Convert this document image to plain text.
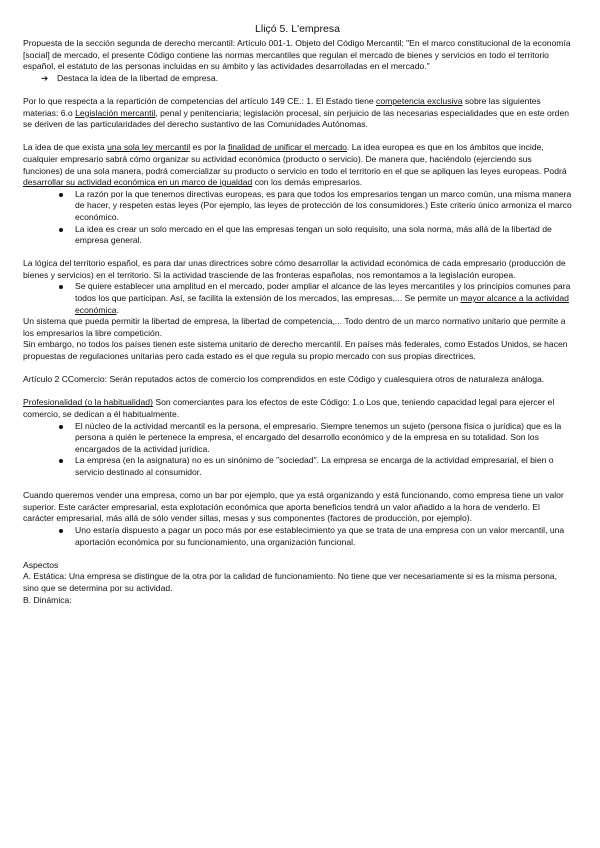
Lliçó 5. L'empresa

Propuesta de la sección segunda de derecho mercantil: Artículo 001-1. Objeto del Código Mercantil: "En el marco constitucional de la economía [social] de mercado, el presente Código contiene las normas mercantiles que regulan el mercado de bienes y servicios en todo el territorio español, el estatuto de las personas incluidas en su ámbito y las actividades desarrolladas en el mercado."

➔ Destaca la idea de la libertad de empresa.

Por lo que respecta a la repartición de competencias del artículo 149 CE.: 1. El Estado tiene competencia exclusiva sobre las siguientes materias: 6.o Legislación mercantil, penal y penitenciaria; legislación procesal, sin perjuicio de las necesarias especialidades que en este orden se deriven de las particularidades del derecho sustantivo de las Comunidades Autónomas.

La idea de que exista una sola ley mercantil es por la finalidad de unificar el mercado. La idea europea es que en los ámbitos que incide, cualquier empresario sabrá cómo organizar su actividad económica (producto o servicio). De manera que, haciéndolo (ejerciendo sus funciones) de una sola manera, podrá comercializar su producto o servicio en todo el territorio en el que se apliquen las leyes europeas. Podrá desarrollar su actividad económica en un marco de igualdad con los demás empresarios.

La razón por la que tenemos directivas europeas, es para que todos los empresarios tengan un marco común, una misma manera de hacer, y respeten estas leyes (Por ejemplo, las leyes de protección de los consumidores.) Este criterio único armoniza el marco económico.
La idea es crear un solo mercado en el que las empresas tengan un solo requisito, una sola norma, más allá de la libertad de empresa general.

La lógica del territorio español, es para dar unas directrices sobre cómo desarrollar la actividad económica de cada empresario (producción de bienes y servicios) en el territorio. Si la actividad trasciende de las fronteras españolas, nos remontamos a la legislación europea.

Se quiere establecer una amplitud en el mercado, poder ampliar el alcance de las leyes mercantiles y los principios comunes para todos los que participan. Así, se facilita la extensión de los mercados, las empresas,... Se permite un mayor alcance a la actividad económica.

Un sistema que pueda permitir la libertad de empresa, la libertad de competencia,... Todo dentro de un marco normativo unitario que permite a los empresarios la libre competición.

Sin embargo, no todos los países tienen este sistema unitario de derecho mercantil. En países más federales, como Estados Unidos, se hacen propuestas de regulaciones unitarias pero cada estado es el que regula su propio mercado con sus propias directrices.

Artículo 2 CComercio: Serán reputados actos de comercio los comprendidos en este Código y cualesquiera otros de naturaleza análoga.

Profesionalidad (o la habitualidad) Son comerciantes para los efectos de este Código: 1.o Los que, teniendo capacidad legal para ejercer el comercio, se dedican a él habitualmente.

El núcleo de la actividad mercantil es la persona, el empresario. Siempre tenemos un sujeto (persona física o jurídica) que es la persona a quién le pertenece la empresa, el encargado del desarrollo económico y de la empresa en su totalidad. Son los encargados de la actividad jurídica.
La empresa (en la asignatura) no es un sinónimo de "sociedad". La empresa se encarga de la actividad empresarial, el bien o servicio destinado al consumidor.

Cuando queremos vender una empresa, como un bar por ejemplo, que ya está organizando y está funcionando, como empresa tiene un valor superior. Este carácter empresarial, esta explotación económica que aporta beneficios tendrá un valor añadido a la hora de venderlo. El carácter empresarial, más allá de sólo vender sillas, mesas y sus componentes (factores de producción, por ejemplo).

Uno estaría dispuesto a pagar un poco más por ese establecimiento ya que se trata de una empresa con un valor mercantil, una aportación económica por su funcionamiento, una organización funcional.

Aspectos

A. Estática: Una empresa se distingue de la otra por la calidad de funcionamiento. No tiene que ver necesariamente si es la misma persona, sino que se determina por su actividad.

B. Dinámica:
